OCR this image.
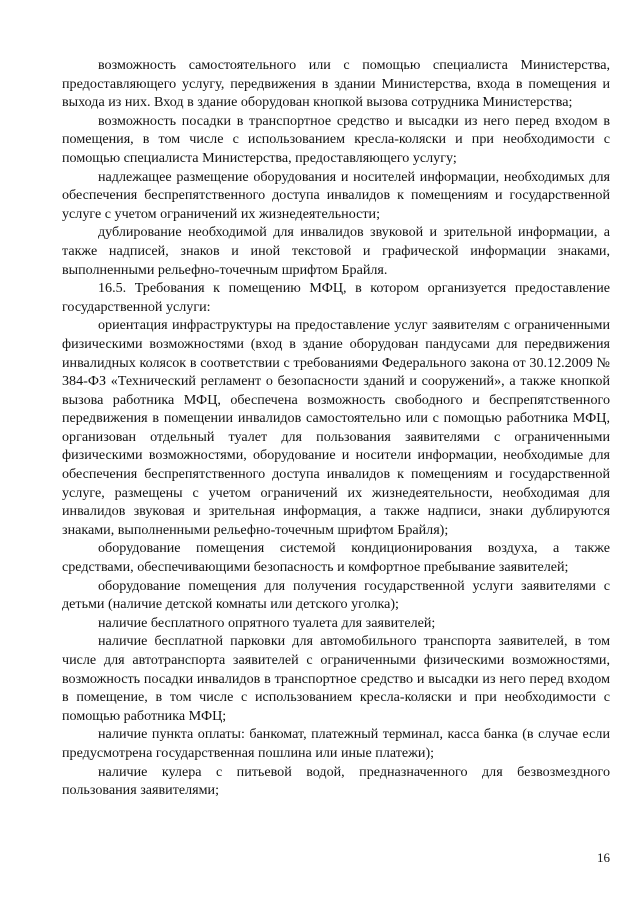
возможность самостоятельного или с помощью специалиста Министерства, предоставляющего услугу, передвижения в здании Министерства, входа в помещения и выхода из них. Вход в здание оборудован кнопкой вызова сотрудника Министерства;

возможность посадки в транспортное средство и высадки из него перед входом в помещения, в том числе с использованием кресла-коляски и при необходимости с помощью специалиста Министерства, предоставляющего услугу;

надлежащее размещение оборудования и носителей информации, необходимых для обеспечения беспрепятственного доступа инвалидов к помещениям и государственной услуге с учетом ограничений их жизнедеятельности;

дублирование необходимой для инвалидов звуковой и зрительной информации, а также надписей, знаков и иной текстовой и графической информации знаками, выполненными рельефно-точечным шрифтом Брайля.

16.5. Требования к помещению МФЦ, в котором организуется предоставление государственной услуги:

ориентация инфраструктуры на предоставление услуг заявителям с ограниченными физическими возможностями (вход в здание оборудован пандусами для передвижения инвалидных колясок в соответствии с требованиями Федерального закона от 30.12.2009 № 384-ФЗ «Технический регламент о безопасности зданий и сооружений», а также кнопкой вызова работника МФЦ, обеспечена возможность свободного и беспрепятственного передвижения в помещении инвалидов самостоятельно или с помощью работника МФЦ, организован отдельный туалет для пользования заявителями с ограниченными физическими возможностями, оборудование и носители информации, необходимые для обеспечения беспрепятственного доступа инвалидов к помещениям и государственной услуге, размещены с учетом ограничений их жизнедеятельности, необходимая для инвалидов звуковая и зрительная информация, а также надписи, знаки дублируются знаками, выполненными рельефно-точечным шрифтом Брайля);

оборудование помещения системой кондиционирования воздуха, а также средствами, обеспечивающими безопасность и комфортное пребывание заявителей;

оборудование помещения для получения государственной услуги заявителями с детьми (наличие детской комнаты или детского уголка);

наличие бесплатного опрятного туалета для заявителей;

наличие бесплатной парковки для автомобильного транспорта заявителей, в том числе для автотранспорта заявителей с ограниченными физическими возможностями, возможность посадки инвалидов в транспортное средство и высадки из него перед входом в помещение, в том числе с использованием кресла-коляски и при необходимости с помощью работника МФЦ;

наличие пункта оплаты: банкомат, платежный терминал, касса банка (в случае если предусмотрена государственная пошлина или иные платежи);

наличие кулера с питьевой водой, предназначенного для безвозмездного пользования заявителями;

16
